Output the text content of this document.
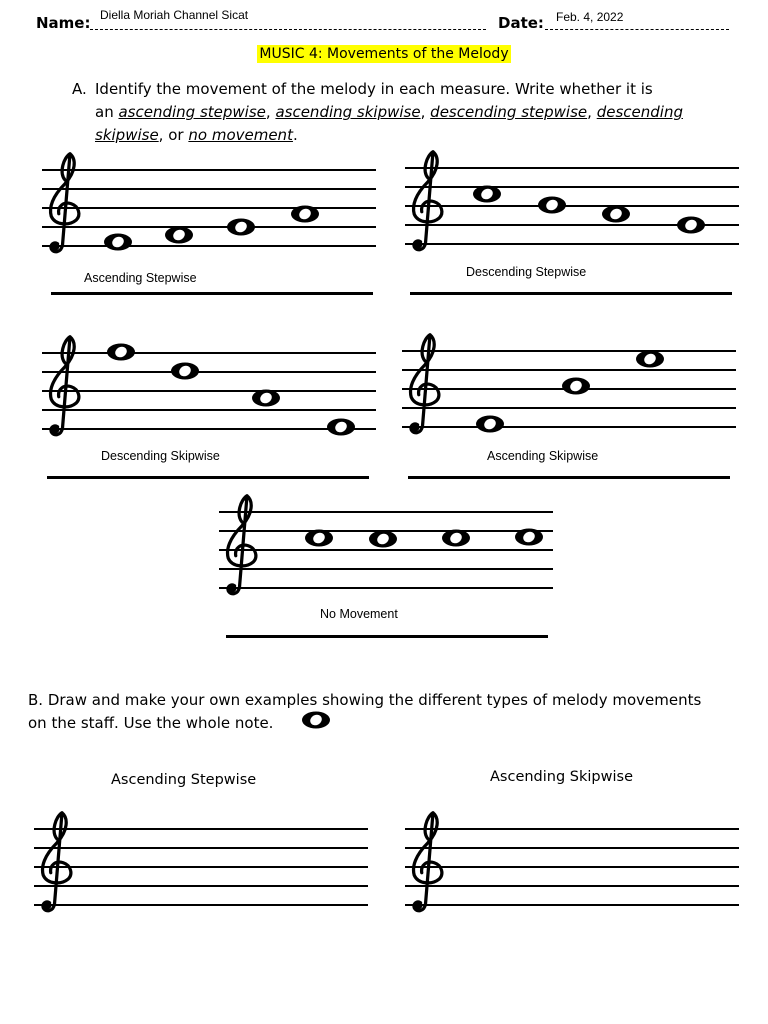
Name: Diella Moriah Channel Sicat	Date: Feb. 4, 2022
MUSIC 4: Movements of the Melody
A. Identify the movement of the melody in each measure. Write whether it is
an ascending stepwise, ascending skipwise, descending stepwise, descending
skipwise, or no movement.
Ascending Stepwise	Descending Stepwise
Descending Skipwise	Ascending Skipwise
No Movement
B. Draw and make your own examples showing the different types of melody movements
on the staff. Use the whole note.
Ascending Stepwise	Ascending Skipwise
